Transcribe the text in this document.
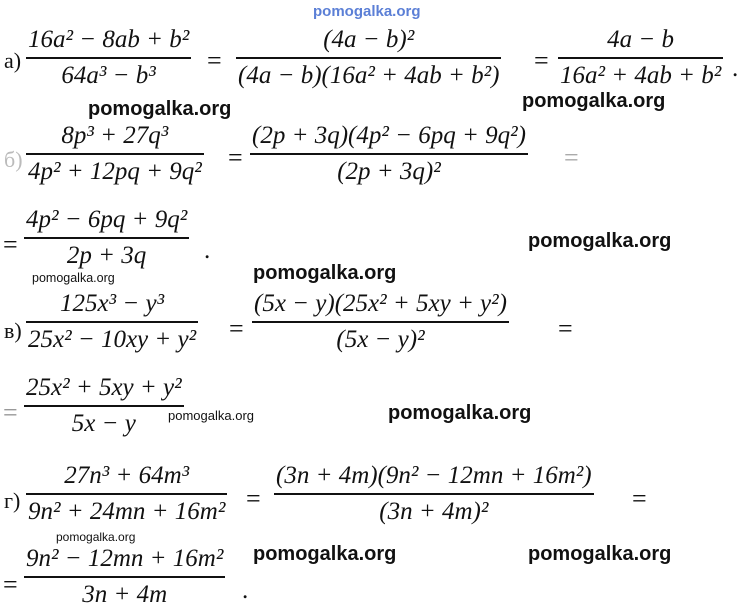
pomogalka.org
а)
16a² − 8ab + b²
64a³ − b³
=
(4a − b)²
(4a − b)(16a² + 4ab + b²)
=
4a − b
16a² + 4ab + b² .
pomogalka.org	pomogalka.org
б)
8p³ + 27q³
4p² + 12pq + 9q² =
(2p + 3q)(4p² − 6pq + 9q²)
(2p + 3q)²	=
=
4p² − 6pq + 9q²
2p + 3q .	pomogalka.org
pomogalka.org
pomogalka.org
в)
125x³ − y³
25x² − 10xy + y² =
(5x − y)(25x² + 5xy + y²)
(5x − y)²	=
=
25x² + 5xy + y²
5x − y pomogalka.org	pomogalka.org
г)
27n³ + 64m³
9n² + 24mn + 16m² =
(3n + 4m)(9n² − 12mn + 16m²)
(3n + 4m)²	=
pomogalka.org
pomogalka.org	pomogalka.org
=
9n² − 12mn + 16m²
3n + 4m	.
